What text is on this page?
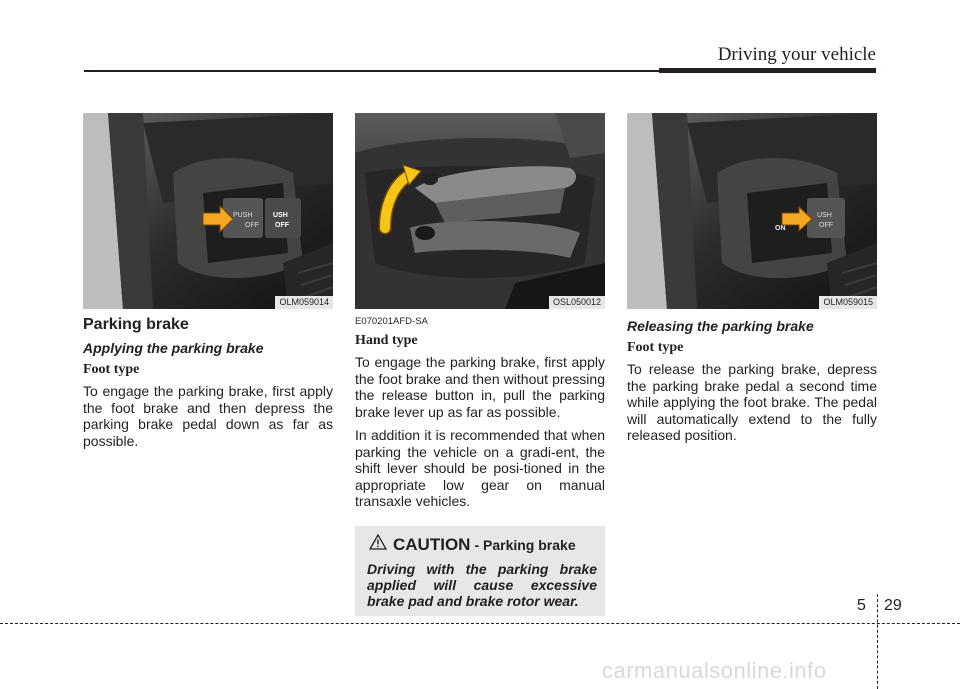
Driving your vehicle
PUSH
OFF
USH
OFF
OLM059014
Parking brake
Applying the parking brake
Foot type
To engage the parking brake, first apply the foot brake and then depress the parking brake pedal down as far as possible.
OSL050012
E070201AFD-SA
Hand type
To engage the parking brake, first apply the foot brake and then without pressing the release button in, pull the parking brake lever up as far as possible.
In addition it is recommended that when parking the vehicle on a gradi-ent, the shift lever should be posi-tioned in the appropriate low gear on manual transaxle vehicles.
CAUTION - Parking brake
Driving with the parking brake applied will cause excessive brake pad and brake rotor wear.
USH
OFF
ON
OLM059015
Releasing the parking brake
Foot type
To release the parking brake, depress the parking brake pedal a second time while applying the foot brake. The pedal will automatically extend to the fully released position.
5 29
carmanualsonline.info
